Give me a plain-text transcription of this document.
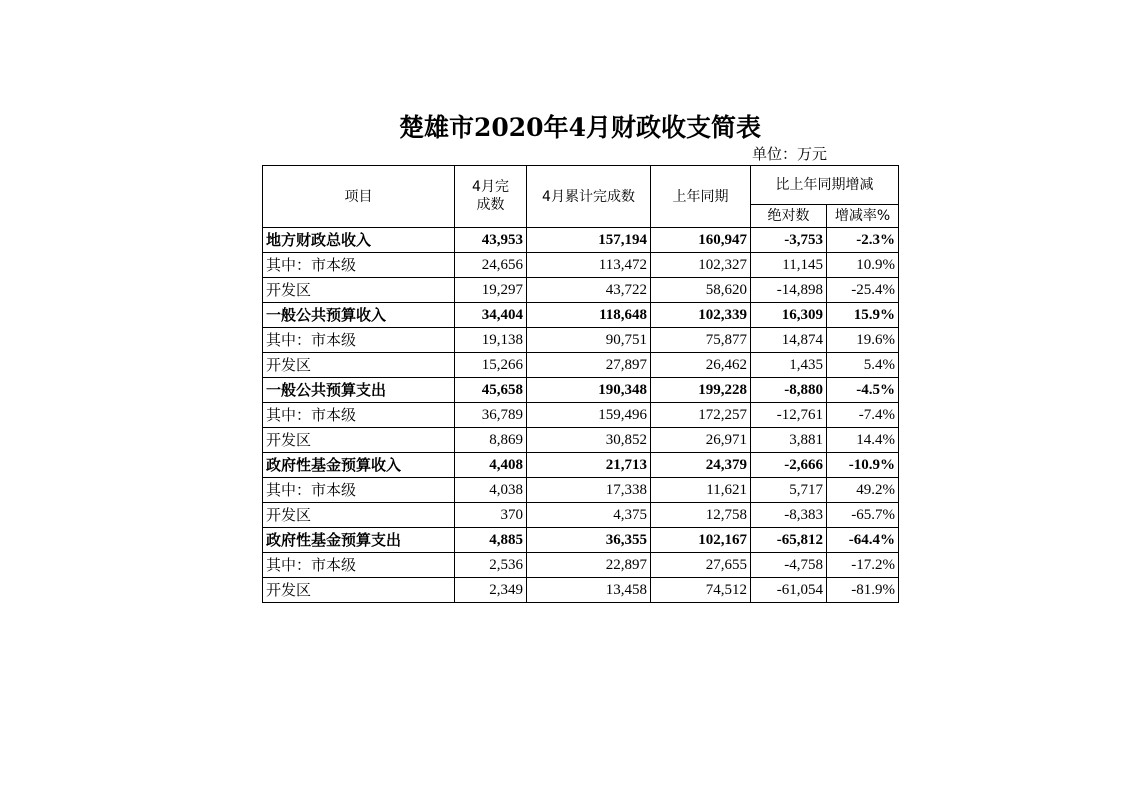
楚雄市2020年4月财政收支简表
单位：万元
项目	4月完成数	4月累计完成数	上年同期	比上年同期增减	
				绝对数	增减率%
地方财政总收入	43,953	157,194	160,947	-3,753	-2.3%
其中：市本级	24,656	113,472	102,327	11,145	10.9%
开发区	19,297	43,722	58,620	-14,898	-25.4%
一般公共预算收入	34,404	118,648	102,339	16,309	15.9%
其中：市本级	19,138	90,751	75,877	14,874	19.6%
开发区	15,266	27,897	26,462	1,435	5.4%
一般公共预算支出	45,658	190,348	199,228	-8,880	-4.5%
其中：市本级	36,789	159,496	172,257	-12,761	-7.4%
开发区	8,869	30,852	26,971	3,881	14.4%
政府性基金预算收入	4,408	21,713	24,379	-2,666	-10.9%
其中：市本级	4,038	17,338	11,621	5,717	49.2%
开发区	370	4,375	12,758	-8,383	-65.7%
政府性基金预算支出	4,885	36,355	102,167	-65,812	-64.4%
其中：市本级	2,536	22,897	27,655	-4,758	-17.2%
开发区	2,349	13,458	74,512	-61,054	-81.9%
